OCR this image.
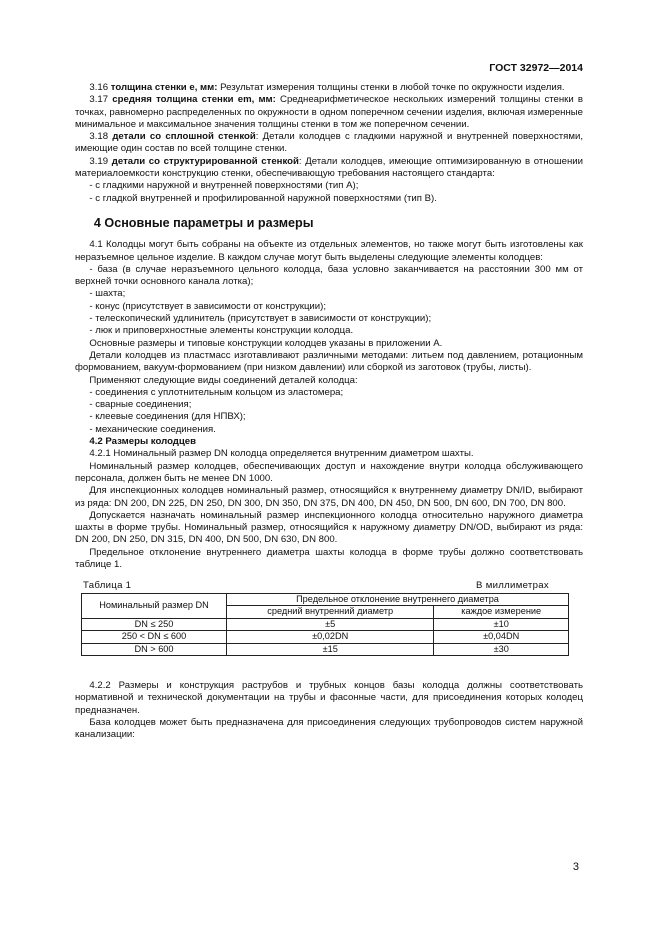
ГОСТ 32972—2014

3.16 толщина стенки e, мм: Результат измерения толщины стенки в любой точке по окружности изделия.

3.17 средняя толщина стенки em, мм: Среднеарифметическое нескольких измерений толщины стенки в точках, равномерно распределенных по окружности в одном поперечном сечении изделия, включая измеренные минимальное и максимальное значения толщины стенки в том же поперечном сечении.

3.18 детали со сплошной стенкой: Детали колодцев с гладкими наружной и внутренней поверхностями, имеющие один состав по всей толщине стенки.

3.19 детали со структурированной стенкой: Детали колодцев, имеющие оптимизированную в отношении материалоемкости конструкцию стенки, обеспечивающую требования настоящего стандарта:

- с гладкими наружной и внутренней поверхностями (тип А);

- с гладкой внутренней и профилированной наружной поверхностями (тип В).

4 Основные параметры и размеры

4.1 Колодцы могут быть собраны на объекте из отдельных элементов, но также могут быть изготовлены как неразъемное цельное изделие. В каждом случае могут быть выделены следующие элементы колодцев:

- база (в случае неразъемного цельного колодца, база условно заканчивается на расстоянии 300 мм от верхней точки основного канала лотка);

- шахта;

- конус (присутствует в зависимости от конструкции);

- телескопический удлинитель (присутствует в зависимости от конструкции);

- люк и приповерхностные элементы конструкции колодца.

Основные размеры и типовые конструкции колодцев указаны в приложении А.

Детали колодцев из пластмасс изготавливают различными методами: литьем под давлением, ротационным формованием, вакуум-формованием (при низком давлении) или сборкой из заготовок (трубы, листы).

Применяют следующие виды соединений деталей колодца:

- соединения с уплотнительным кольцом из эластомера;

- сварные соединения;

- клеевые соединения (для НПВХ);

- механические соединения.

4.2 Размеры колодцев

4.2.1 Номинальный размер DN колодца определяется внутренним диаметром шахты.

Номинальный размер колодцев, обеспечивающих доступ и нахождение внутри колодца обслуживающего персонала, должен быть не менее DN 1000.

Для инспекционных колодцев номинальный размер, относящийся к внутреннему диаметру DN/ID, выбирают из ряда: DN 200, DN 225, DN 250, DN 300, DN 350, DN 375, DN 400, DN 450, DN 500, DN 600, DN 700, DN 800.

Допускается назначать номинальный размер инспекционного колодца относительно наружного диаметра шахты в форме трубы. Номинальный размер, относящийся к наружному диаметру DN/OD, выбирают из ряда: DN 200, DN 250, DN 315, DN 400, DN 500, DN 630, DN 800.

Предельное отклонение внутреннего диаметра шахты колодца в форме трубы должно соответствовать таблице 1.

Таблица 1	В миллиметрах
Номинальный размер DN	Предельное отклонение внутреннего диаметра	
	средний внутренний диаметр	каждое измерение
DN ≤ 250	±5	±10
250 < DN ≤ 600	±0,02DN	±0,04DN
DN > 600	±15	±30

4.2.2 Размеры и конструкция раструбов и трубных концов базы колодца должны соответствовать нормативной и технической документации на трубы и фасонные части, для присоединения которых колодец предназначен.

База колодцев может быть предназначена для присоединения следующих трубопроводов систем наружной канализации:

3
